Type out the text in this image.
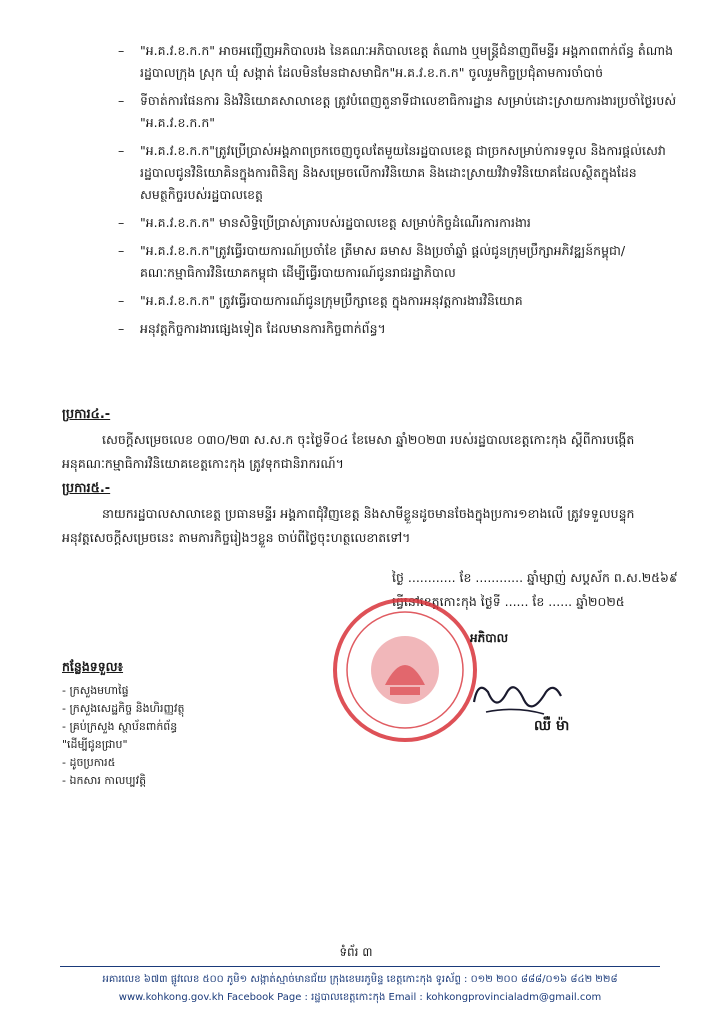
– "អ.គ.វ.ខ.ក.ក" អាចអញ្ជើញអភិបាលរង នៃគណៈអភិបាលខេត្ត តំណាង ឬមន្ត្រីជំនាញពីមន្ទីរ អង្គភាពពាក់ព័ន្ធ តំណាងរដ្ឋបាលក្រុង ស្រុក ឃុំ សង្កាត់ ដែលមិនមែនជាសមាជិក"អ.គ.វ.ខ.ក.ក" ចូលរួមកិច្ចប្រជុំតាមការចាំបាច់
– ទីចាត់ការផែនការ និងវិនិយោគសាលាខេត្ត ត្រូវបំពេញតួនាទីជាលេខាធិការដ្ឋាន សម្រាប់ដោះស្រាយការងារប្រចាំថ្ងៃរបស់ "អ.គ.វ.ខ.ក.ក"
– "អ.គ.វ.ខ.ក.ក"ត្រូវប្រើប្រាស់អង្គភាពច្រកចេញចូលតែមួយនៃរដ្ឋបាលខេត្ត ជាច្រកសម្រាប់ការទទួល និងការផ្តល់សេវារដ្ឋបាលជូនវិនិយោគិនក្នុងការពិនិត្យ និងសម្រេចលើការវិនិយោគ និងដោះស្រាយវិវាទវិនិយោគដែលស្ថិតក្នុងដែនសមត្ថកិច្ចរបស់រដ្ឋបាលខេត្ត
– "អ.គ.វ.ខ.ក.ក" មានសិទ្ធិប្រើប្រាស់ត្រារបស់រដ្ឋបាលខេត្ត សម្រាប់កិច្ចដំណើរការការងារ
– "អ.គ.វ.ខ.ក.ក"ត្រូវធ្វើរបាយការណ៍ប្រចាំខែ ត្រីមាស ឆមាស និងប្រចាំឆ្នាំ ផ្តល់ជូនក្រុមប្រឹក្សាអភិវឌ្ឍន៍កម្ពុជា/គណៈកម្មាធិការវិនិយោគកម្ពុជា ដើម្បីធ្វើរបាយការណ៍ជូនរាជរដ្ឋាភិបាល
– "អ.គ.វ.ខ.ក.ក" ត្រូវធ្វើរបាយការណ៍ជូនក្រុមប្រឹក្សាខេត្ត ក្នុងការអនុវត្តការងារវិនិយោគ
– អនុវត្តកិច្ចការងារផ្សេងទៀត ដែលមានការកិច្ចពាក់ព័ន្ធ។
ប្រការ៤.-
សេចក្តីសម្រេចលេខ ០៣០/២៣ ស.ស.ក ចុះថ្ងៃទី០៤ ខែមេសា ឆ្នាំ២០២៣ របស់រដ្ឋបាលខេត្តកោះកុង ស្តីពីការបង្កើតអនុគណៈកម្មាធិការវិនិយោគខេត្តកោះកុង ត្រូវទុកជានិរាករណ៍។
ប្រការ៥.-
នាយករដ្ឋបាលសាលាខេត្ត ប្រធានមន្ទីរ អង្គភាពជុំវិញខេត្ត និងសាមីខ្លួនដូចមានចែងក្នុងប្រការ១ខាងលើ ត្រូវទទួលបន្ទុកអនុវត្តសេចក្តីសម្រេចនេះ តាមភារកិច្ចរៀងៗខ្លួន ចាប់ពីថ្ងៃចុះហត្ថលេខាតទៅ។
ថ្ងៃ ............ ខែ ............ ឆ្នាំម្សាញ់ សប្តស័ក ព.ស.២៥៦៩
ធ្វើនៅខេត្តកោះកុង ថ្ងៃទី ...... ខែ ...... ឆ្នាំ២០២៥
អភិបាល
ឈឺ ម៉ា
កន្លែងទទួល៖
- ក្រសួងមហាផ្ទៃ
- ក្រសួងសេដ្ឋកិច្ច និងហិរញ្ញវត្ថុ
- គ្រប់ក្រសួង ស្ថាប័នពាក់ព័ន្ធ
"ដើម្បីជូនជ្រាប"
- ដូចប្រការ៥
- ឯកសារ កាលប្បវត្តិ
ទំព័រ ៣
អគារលេខ ៦៧៣ ផ្លូវលេខ ៥០០ ភូមិ១ សង្កាត់ស្មាច់មានជ័យ ក្រុងខេមរភូមិន្ទ ខេត្តកោះកុង ទូរស័ព្ទ : ០១២ ២០០ ៨៨៨/០១៦ ៨៤២ ២២៨
www.kohkong.gov.kh Facebook Page : រដ្ឋបាលខេត្តកោះកុង Email : kohkongprovincialadm@gmail.com
